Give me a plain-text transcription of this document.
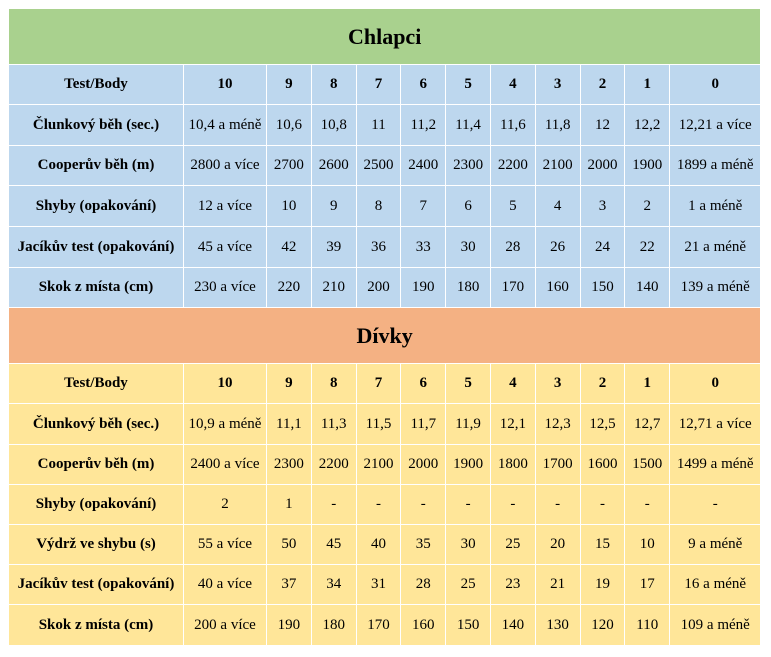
Chlapci											
Test/Body	10	9	8	7	6	5	4	3	2	1	0
Člunkový běh (sec.)	10,4 a méně	10,6	10,8	11	11,2	11,4	11,6	11,8	12	12,2	12,21 a více
Cooperův běh (m)	2800 a více	2700	2600	2500	2400	2300	2200	2100	2000	1900	1899 a méně
Shyby (opakování)	12 a více	10	9	8	7	6	5	4	3	2	1 a méně
Jacíkův test (opakování)	45 a více	42	39	36	33	30	28	26	24	22	21 a méně
Skok z místa (cm)	230 a více	220	210	200	190	180	170	160	150	140	139 a méně
Dívky											
Test/Body	10	9	8	7	6	5	4	3	2	1	0
Člunkový běh (sec.)	10,9 a méně	11,1	11,3	11,5	11,7	11,9	12,1	12,3	12,5	12,7	12,71 a více
Cooperův běh (m)	2400 a více	2300	2200	2100	2000	1900	1800	1700	1600	1500	1499 a méně
Shyby (opakování)	2	1	-	-	-	-	-	-	-	-	-
Výdrž ve shybu (s)	55 a více	50	45	40	35	30	25	20	15	10	9 a méně
Jacíkův test (opakování)	40 a více	37	34	31	28	25	23	21	19	17	16 a méně
Skok z místa (cm)	200 a více	190	180	170	160	150	140	130	120	110	109 a méně
